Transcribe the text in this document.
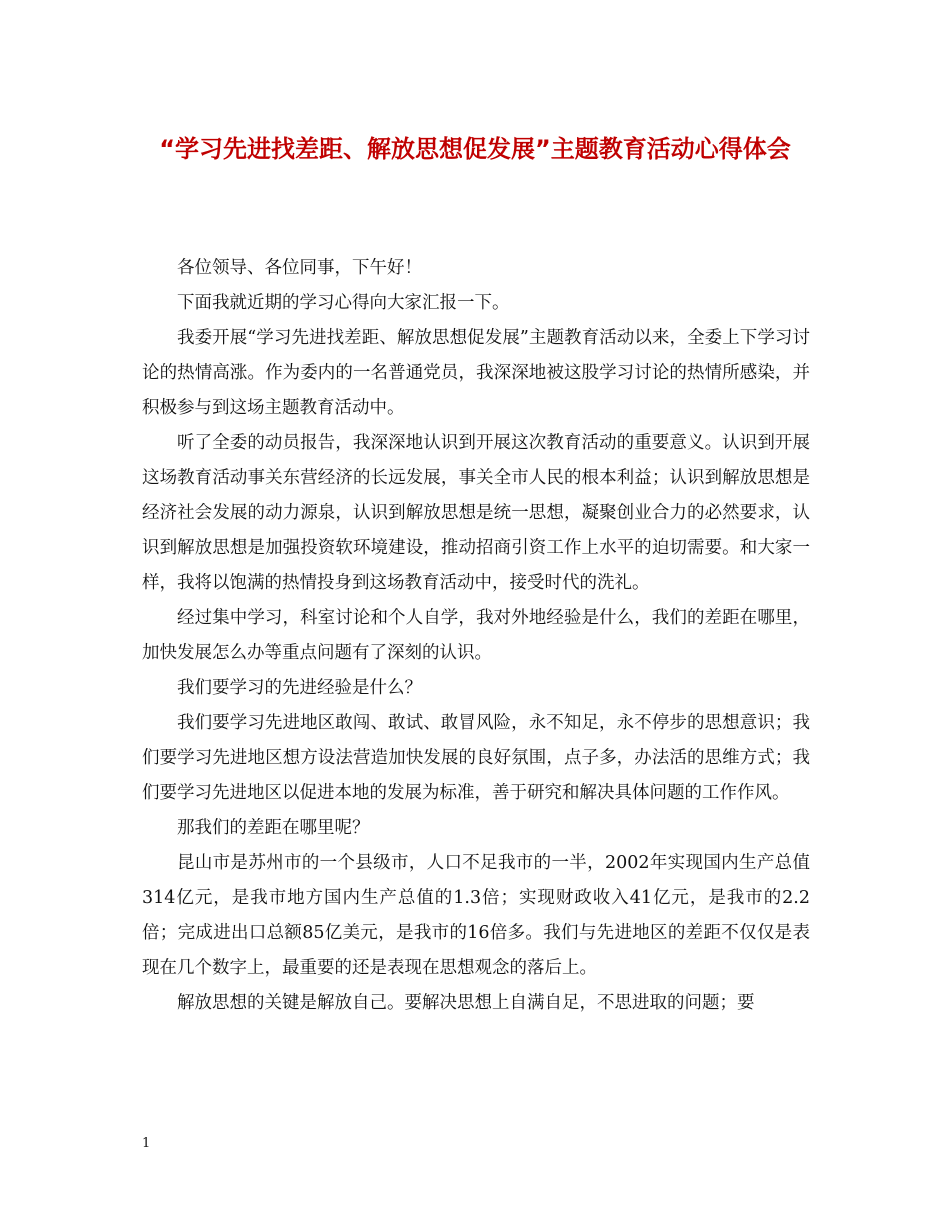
“学习先进找差距、解放思想促发展”主题教育活动心得体会

各位领导、各位同事，下午好！

下面我就近期的学习心得向大家汇报一下。

我委开展“学习先进找差距、解放思想促发展”主题教育活动以来，全委上下学习讨论的热情高涨。作为委内的一名普通党员，我深深地被这股学习讨论的热情所感染，并积极参与到这场主题教育活动中。

听了全委的动员报告，我深深地认识到开展这次教育活动的重要意义。认识到开展这场教育活动事关东营经济的长远发展，事关全市人民的根本利益；认识到解放思想是经济社会发展的动力源泉，认识到解放思想是统一思想，凝聚创业合力的必然要求，认识到解放思想是加强投资软环境建设，推动招商引资工作上水平的迫切需要。和大家一样，我将以饱满的热情投身到这场教育活动中，接受时代的洗礼。

经过集中学习，科室讨论和个人自学，我对外地经验是什么，我们的差距在哪里，加快发展怎么办等重点问题有了深刻的认识。

我们要学习的先进经验是什么？

我们要学习先进地区敢闯、敢试、敢冒风险，永不知足，永不停步的思想意识；我们要学习先进地区想方设法营造加快发展的良好氛围，点子多，办法活的思维方式；我们要学习先进地区以促进本地的发展为标准，善于研究和解决具体问题的工作作风。

那我们的差距在哪里呢？

昆山市是苏州市的一个县级市，人口不足我市的一半，2002年实现国内生产总值314亿元，是我市地方国内生产总值的1.3倍；实现财政收入41亿元，是我市的2.2倍；完成进出口总额85亿美元，是我市的16倍多。我们与先进地区的差距不仅仅是表现在几个数字上，最重要的还是表现在思想观念的落后上。

解放思想的关键是解放自己。要解决思想上自满自足，不思进取的问题；要

1
